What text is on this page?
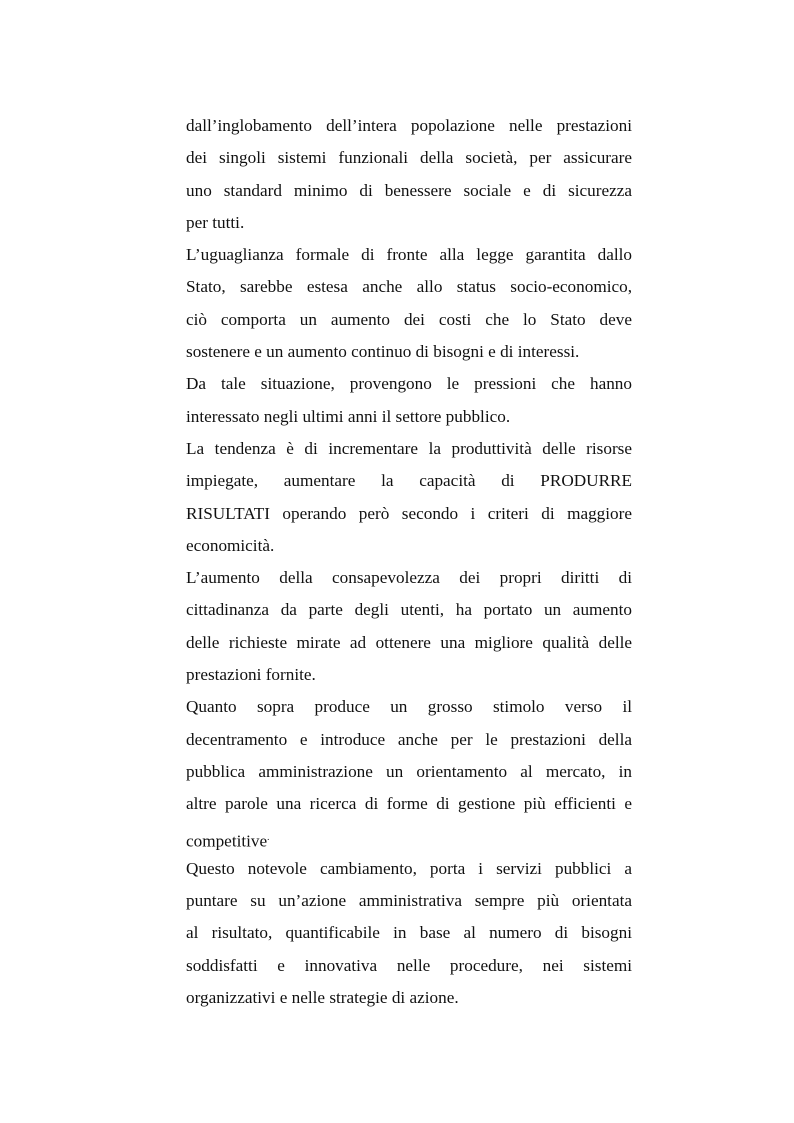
dall’inglobamento dell’intera popolazione nelle prestazioni
dei singoli sistemi funzionali della società, per assicurare
uno standard minimo di benessere sociale e di sicurezza
per tutti.
L’uguaglianza formale di fronte alla legge garantita dallo
Stato, sarebbe estesa anche allo status socio-economico,
ciò comporta un aumento dei costi che lo Stato deve
sostenere e un aumento continuo di bisogni e di interessi.
Da tale situazione, provengono le pressioni che hanno
interessato negli ultimi anni il settore pubblico.
La tendenza è di incrementare la produttività delle risorse
impiegate, aumentare la capacità di PRODURRE
RISULTATI operando però secondo i criteri di maggiore
economicità.
L’aumento della consapevolezza dei propri diritti di
cittadinanza da parte degli utenti, ha portato un aumento
delle richieste mirate ad ottenere una migliore qualità delle
prestazioni fornite.
Quanto sopra produce un grosso stimolo verso il
decentramento e introduce anche per le prestazioni della
pubblica amministrazione un orientamento al mercato, in
altre parole una ricerca di forme di gestione più efficienti e
competitive.
Questo notevole cambiamento, porta i servizi pubblici a
puntare su un’azione amministrativa sempre più orientata
al risultato, quantificabile in base al numero di bisogni
soddisfatti e innovativa nelle procedure, nei sistemi
organizzativi e nelle strategie di azione.
